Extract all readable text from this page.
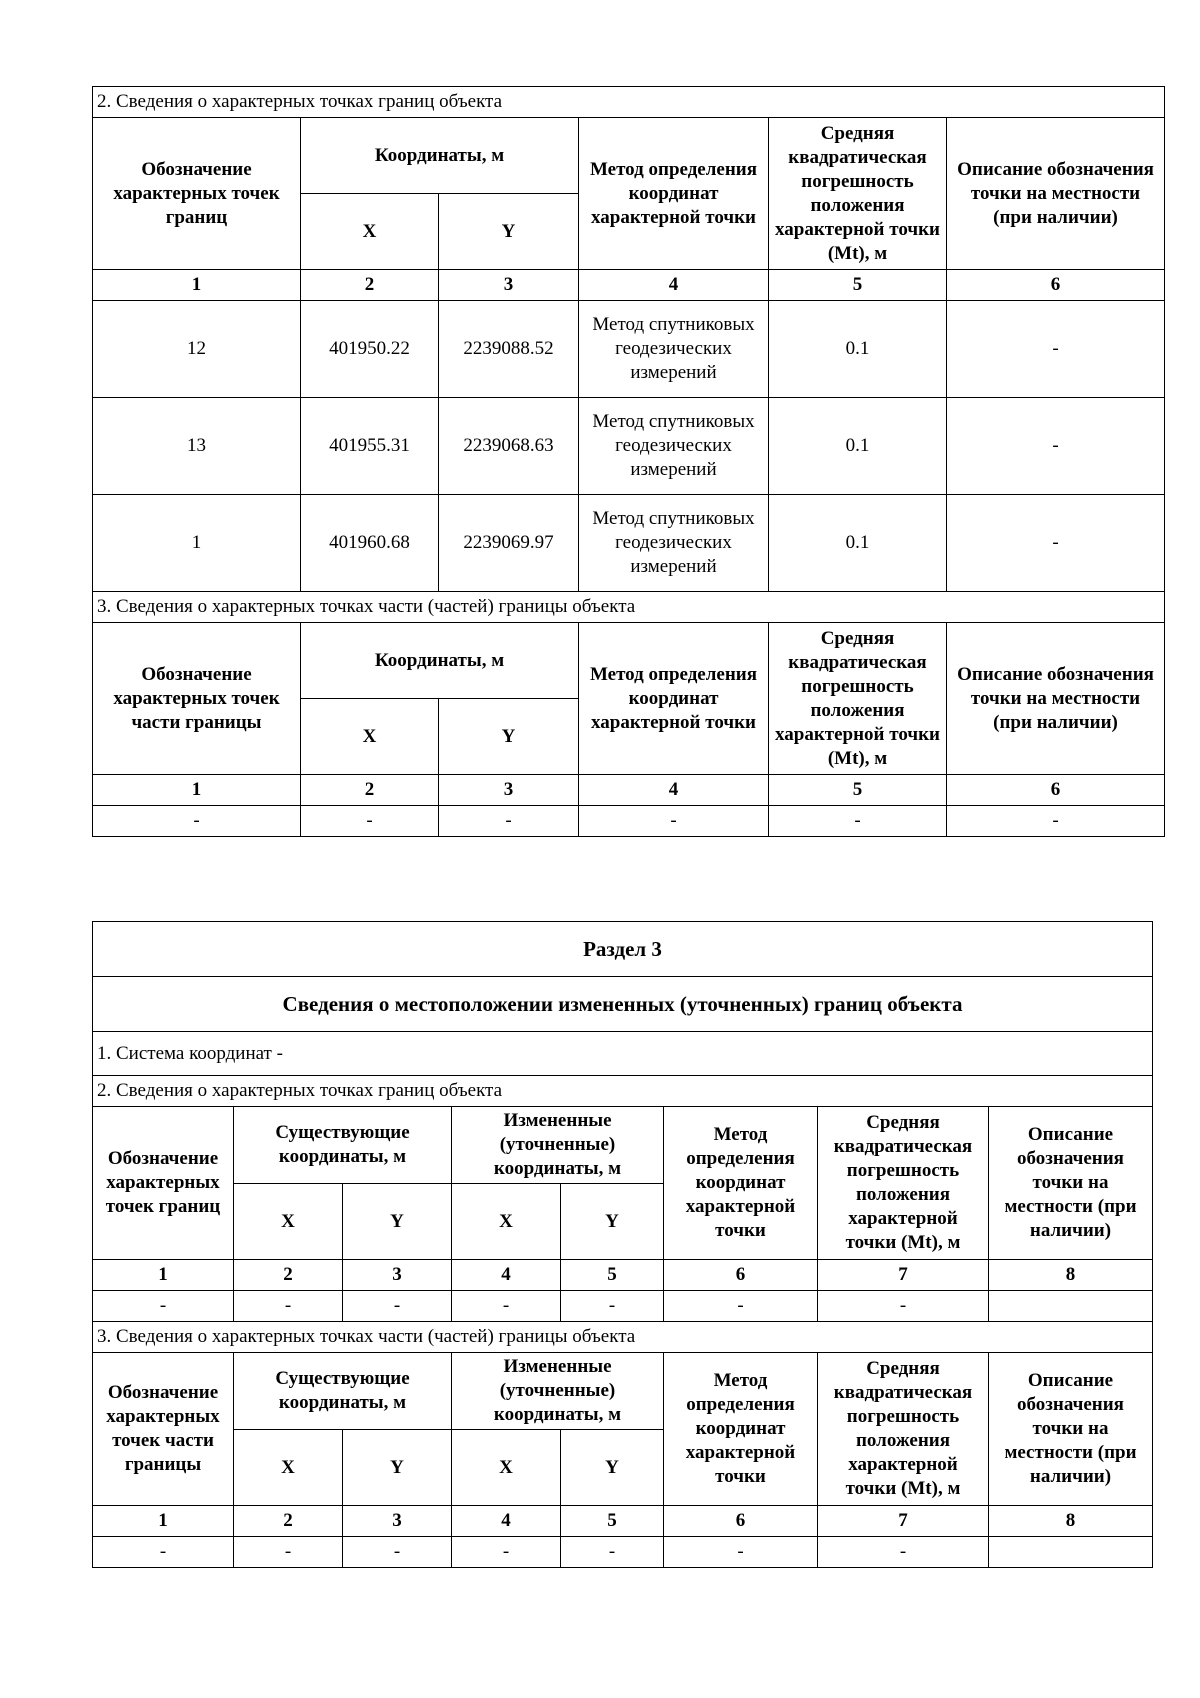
2. Сведения о характерных точках границ объекта					
Обозначение характерных точек границ	Координаты, м		Метод определения координат характерной точки	Средняя квадратическая погрешность положения характерной точки (Mt), м	Описание обозначения точки на местности (при наличии)
	X	Y			
1	2	3	4	5	6
12	401950.22	2239088.52	Метод спутниковых геодезических измерений	0.1	-
13	401955.31	2239068.63	Метод спутниковых геодезических измерений	0.1	-
1	401960.68	2239069.97	Метод спутниковых геодезических измерений	0.1	-
3. Сведения о характерных точках части (частей) границы объекта					
Обозначение характерных точек части границы	Координаты, м		Метод определения координат характерной точки	Средняя квадратическая погрешность положения характерной точки (Mt), м	Описание обозначения точки на местности (при наличии)
	X	Y			
1	2	3	4	5	6
-	-	-	-	-	-
Раздел 3							
Сведения о местоположении измененных (уточненных) границ объекта							
1. Система координат -							
2. Сведения о характерных точках границ объекта							
Обозначение характерных точек границ	Существующие координаты, м		Измененные (уточненные) координаты, м		Метод определения координат характерной точки	Средняя квадратическая погрешность положения характерной точки (Mt), м	Описание обозначения точки на местности (при наличии)
	X	Y	X	Y			
1	2	3	4	5	6	7	8
-	-	-	-	-	-	-	
3. Сведения о характерных точках части (частей) границы объекта							
Обозначение характерных точек части границы	Существующие координаты, м		Измененные (уточненные) координаты, м		Метод определения координат характерной точки	Средняя квадратическая погрешность положения характерной точки (Mt), м	Описание обозначения точки на местности (при наличии)
	X	Y	X	Y			
1	2	3	4	5	6	7	8
-	-	-	-	-	-	-	
